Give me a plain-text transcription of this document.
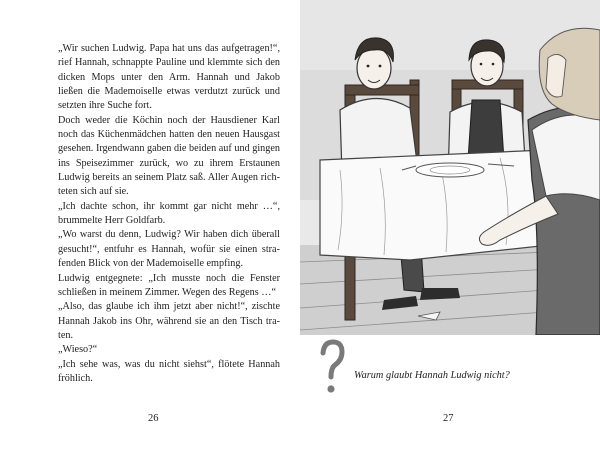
„Wir suchen Ludwig. Papa hat uns das aufgetragen!“, rief Hannah, schnappte Pauline und klemmte sich den dicken Mops unter den Arm. Hannah und Jakob ließen die Mademoiselle etwas verdutzt zurück und setzten ihre Suche fort.

Doch weder die Köchin noch der Hausdiener Karl noch das Küchenmädchen hatten den neuen Hausgast gesehen. Irgendwann gaben die beiden auf und gingen ins Speisezimmer zurück, wo zu ihrem Erstaunen Ludwig bereits an seinem Platz saß. Aller Augen richteten sich auf sie.

„Ich dachte schon, ihr kommt gar nicht mehr …“, brummelte Herr Goldfarb.

„Wo warst du denn, Ludwig? Wir haben dich überall gesucht!“, entfuhr es Hannah, wofür sie einen strafenden Blick von der Mademoiselle empfing.

Ludwig entgegnete: „Ich musste noch die Fenster schließen in meinem Zimmer. Wegen des Regens …“

„Also, das glaube ich ihm jetzt aber nicht!“, zischte Hannah Jakob ins Ohr, während sie an den Tisch traten.

„Wieso?“

„Ich sehe was, was du nicht siehst“, flötete Hannah fröhlich.

26
Warum glaubt Hannah Ludwig nicht?
27
